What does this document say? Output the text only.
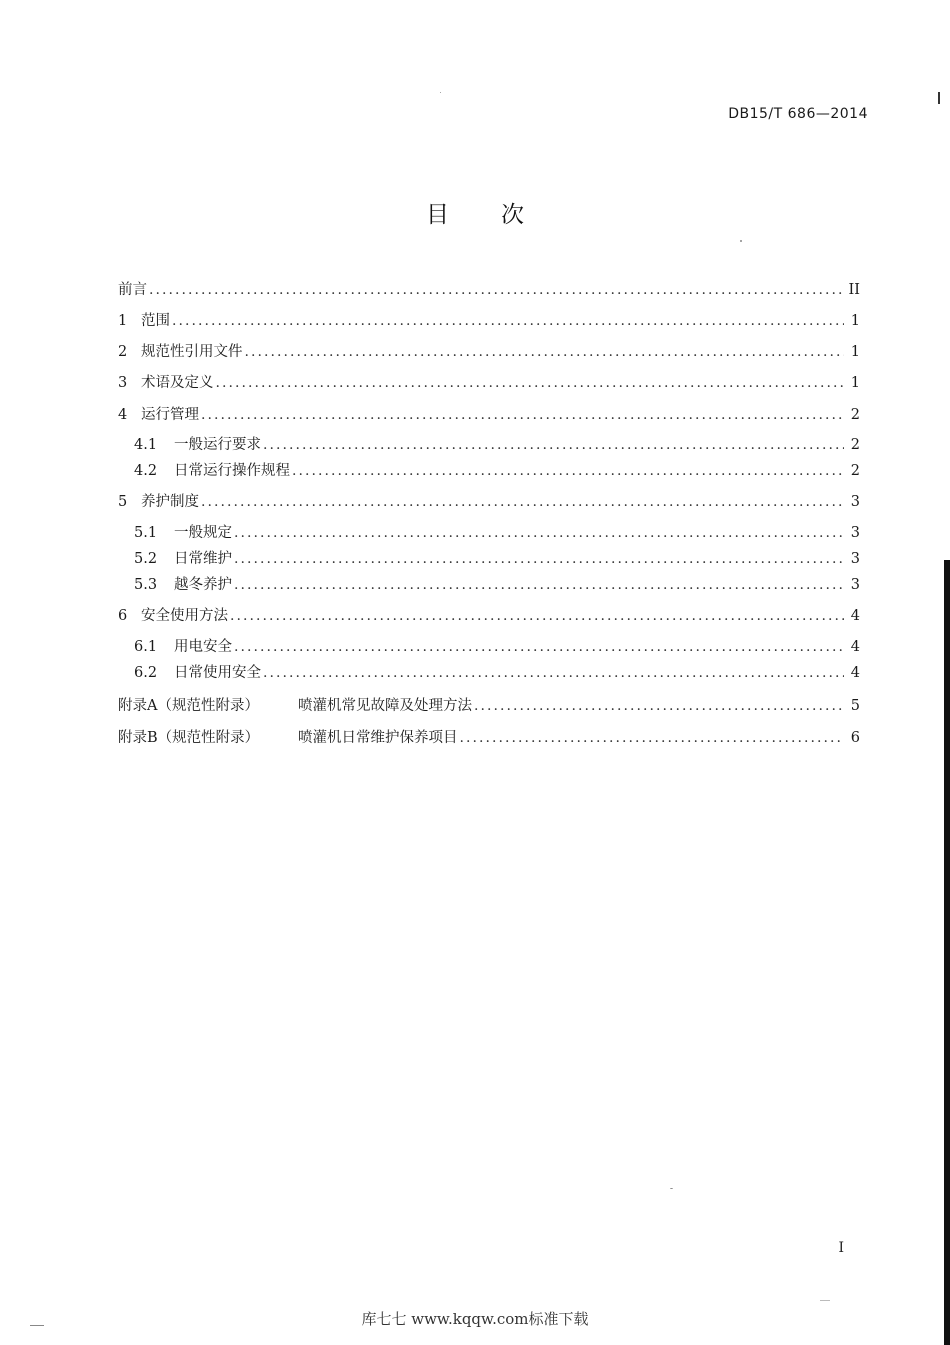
DB15/T 686—2014
目次
前言 . . .	II
1 范围 . . .	1
2 规范性引用文件 . . .	1
3 术语及定义 . . .	1
4 运行管理 . . .	2
4.1	一般运行要求 . . .	2
4.2	日常运行操作规程 . . .	2
5 养护制度 . . .	3
5.1	一般规定 . . .	3
5.2	日常维护 . . .	3
5.3	越冬养护 . . .	3
6 安全使用方法 . . .	4
6.1	用电安全 . . .	4
6.2	日常使用安全 . . .	4
附录A（规范性附录）	喷灌机常见故障及处理方法 . . .	5
附录B（规范性附录）	喷灌机日常维护保养项目 . . .	6
I
库七七 www.kqqw.com标准下载
